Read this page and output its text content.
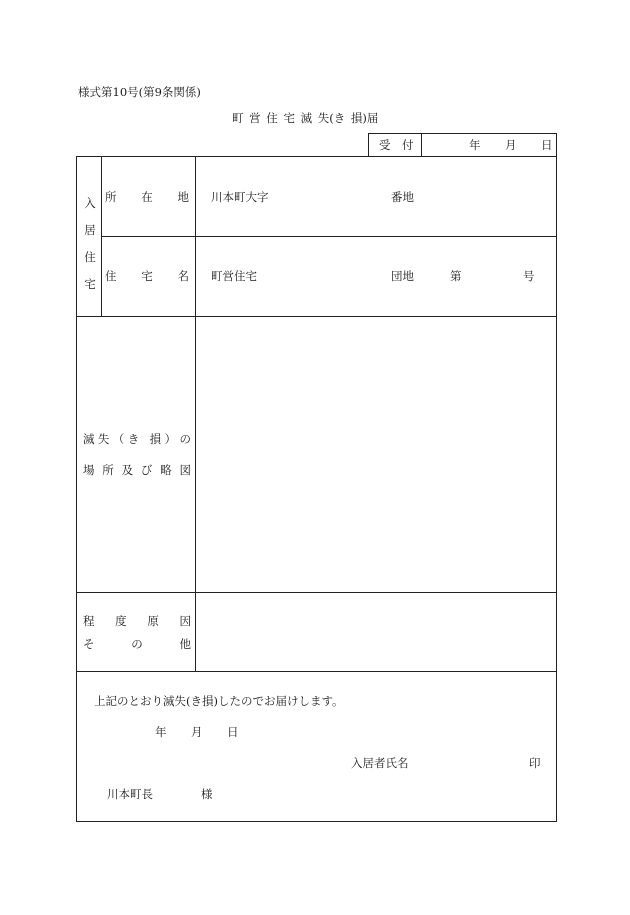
様式第10号(第9条関係)
町 営 住 宅 滅 失(き 損)届
受　付	年 月 日
入
居
住
宅
所　在　地 川本町大字	番地
住　宅　名 町営住宅	団地	第	号
滅失（き 損）の
場所及び略図
程　度　原　因
そ　　の　　他
上記のとおり滅失(き損)したのでお届けします。
年 月 日
入居者氏名	印
川本町長	様
